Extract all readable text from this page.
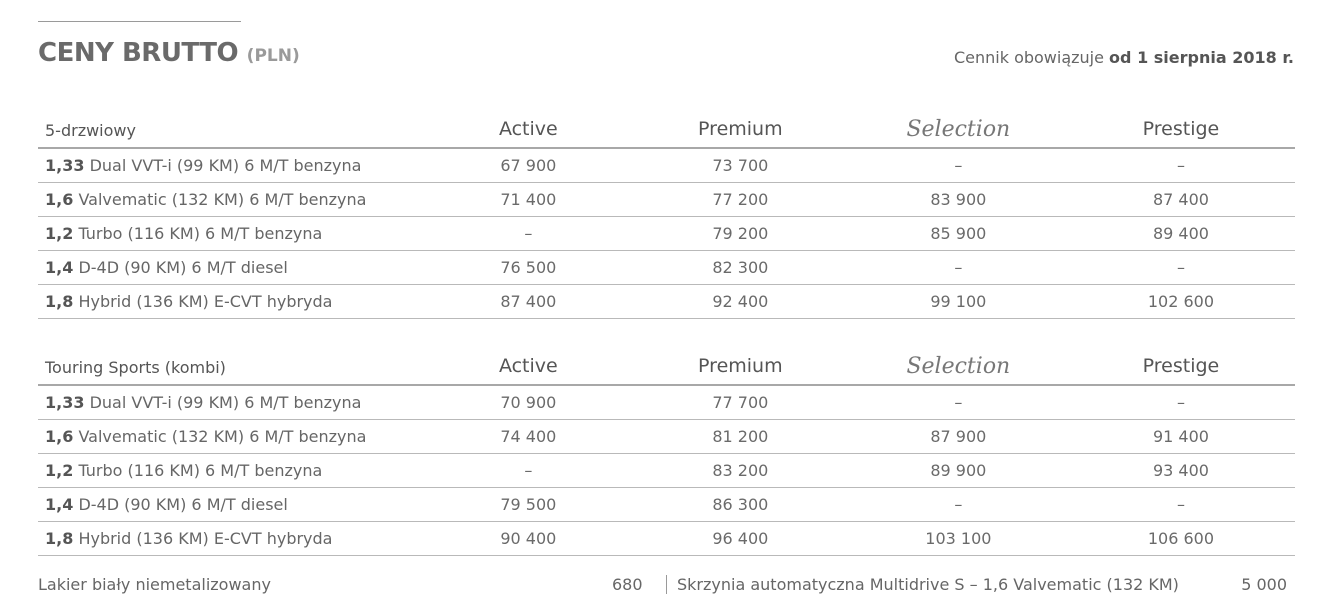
CENY BRUTTO (PLN)	Cennik obowiązuje od 1 sierpnia 2018 r.
5-drzwiowy	Active	Premium	Selection	Prestige
1,33 Dual VVT-i (99 KM) 6 M/T benzyna	67 900	73 700	–	–
1,6 Valvematic (132 KM) 6 M/T benzyna	71 400	77 200	83 900	87 400
1,2 Turbo (116 KM) 6 M/T benzyna	–	79 200	85 900	89 400
1,4 D-4D (90 KM) 6 M/T diesel	76 500	82 300	–	–
1,8 Hybrid (136 KM) E-CVT hybryda	87 400	92 400	99 100	102 600
Touring Sports (kombi)	Active	Premium	Selection	Prestige
1,33 Dual VVT-i (99 KM) 6 M/T benzyna	70 900	77 700	–	–
1,6 Valvematic (132 KM) 6 M/T benzyna	74 400	81 200	87 900	91 400
1,2 Turbo (116 KM) 6 M/T benzyna	–	83 200	89 900	93 400
1,4 D-4D (90 KM) 6 M/T diesel	79 500	86 300	–	–
1,8 Hybrid (136 KM) E-CVT hybryda	90 400	96 400	103 100	106 600
Lakier biały niemetalizowany	680 Skrzynia automatyczna Multidrive S – 1,6 Valvematic (132 KM)	5 000
